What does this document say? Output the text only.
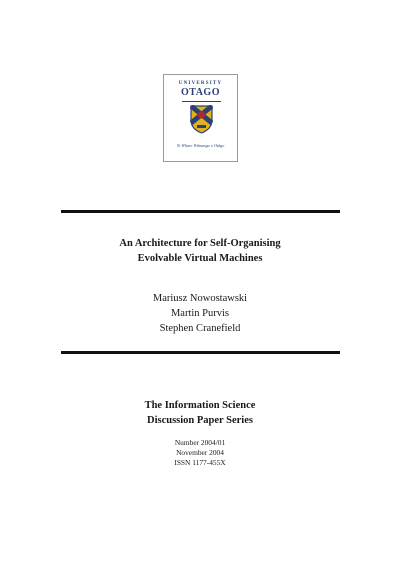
UNIVERSITY
OTAGO
Te Whare Wānanga o Otāgo
An Architecture for Self-Organising
Evolvable Virtual Machines
Mariusz Nowostawski
Martin Purvis
Stephen Cranefield
The Information Science
Discussion Paper Series
Number 2004/01
November 2004
ISSN 1177-455X
